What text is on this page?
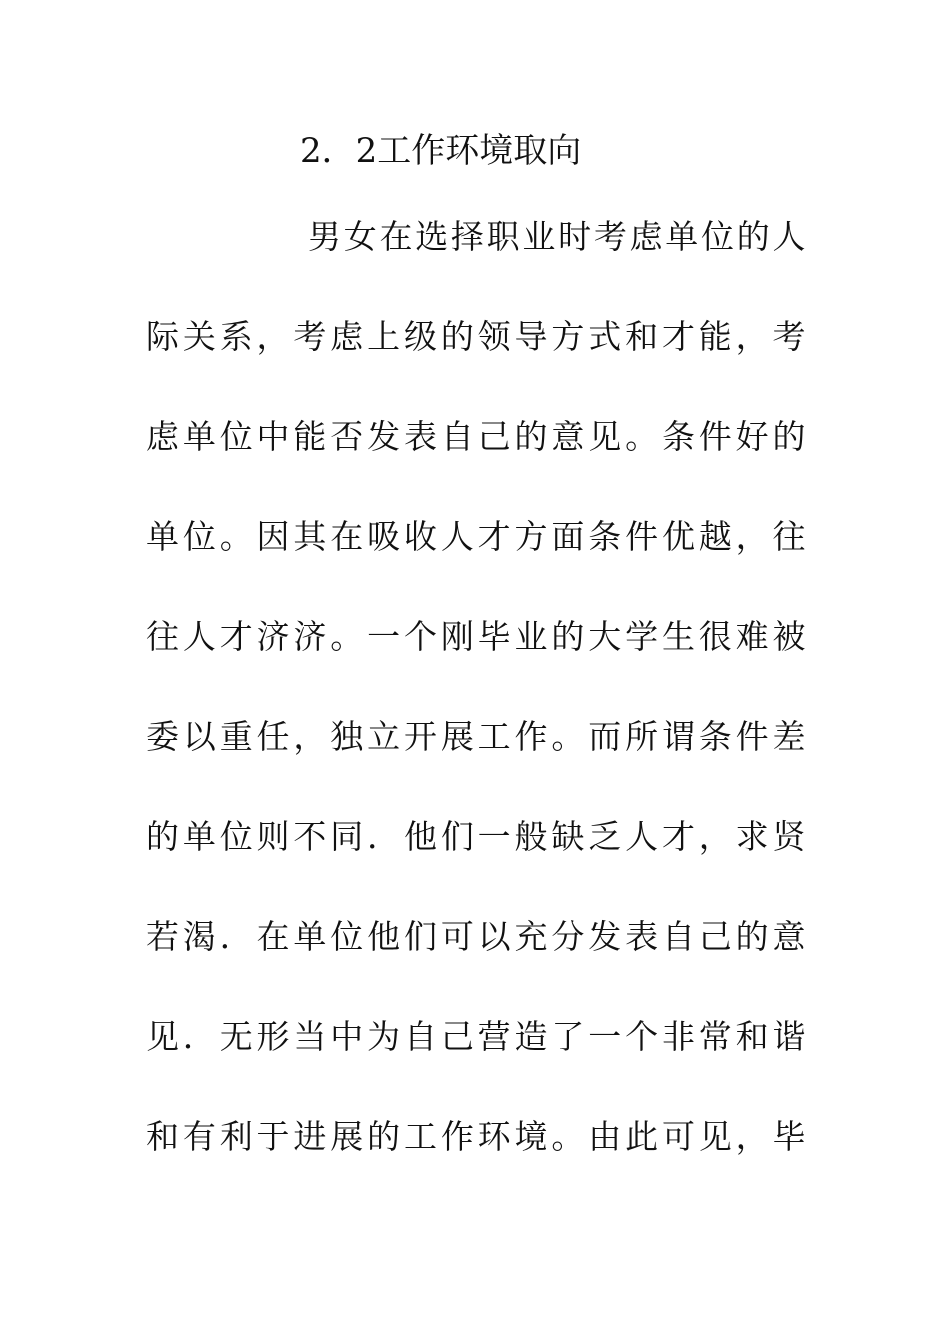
2．2工作环境取向
男女在选择职业时考虑单位的人
际关系，考虑上级的领导方式和才能，考
虑单位中能否发表自己的意见。条件好的
单位。因其在吸收人才方面条件优越，往
往人才济济。一个刚毕业的大学生很难被
委以重任，独立开展工作。而所谓条件差
的单位则不同．他们一般缺乏人才，求贤
若渴．在单位他们可以充分发表自己的意
见．无形当中为自己营造了一个非常和谐
和有利于进展的工作环境。由此可见，毕
